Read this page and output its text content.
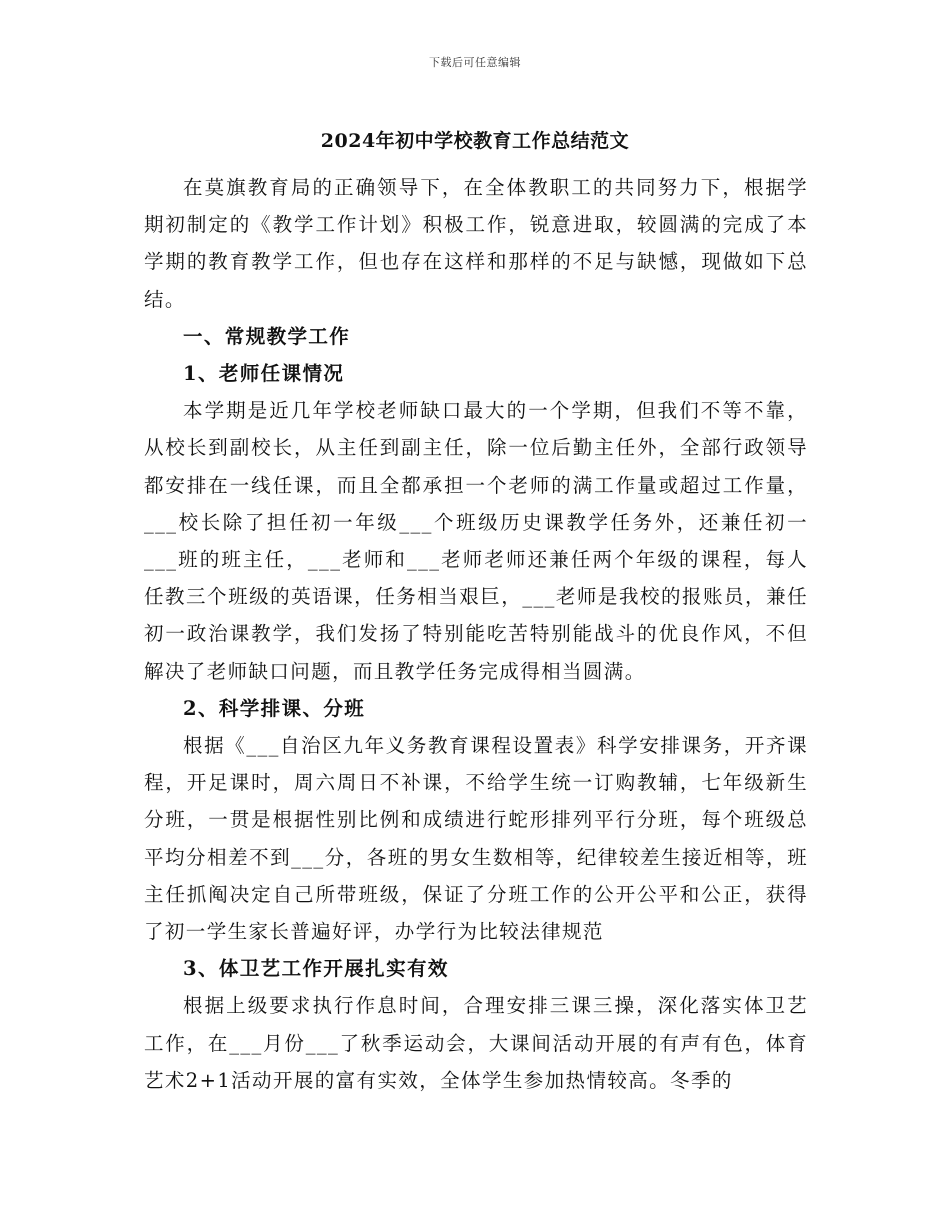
下载后可任意编辑
2024年初中学校教育工作总结范文

在莫旗教育局的正确领导下，在全体教职工的共同努力下，根据学期初制定的《教学工作计划》积极工作，锐意进取，较圆满的完成了本学期的教育教学工作，但也存在这样和那样的不足与缺憾，现做如下总结。

一、常规教学工作
1、老师任课情况

本学期是近几年学校老师缺口最大的一个学期，但我们不等不靠，从校长到副校长，从主任到副主任，除一位后勤主任外，全部行政领导都安排在一线任课，而且全都承担一个老师的满工作量或超过工作量，___校长除了担任初一年级___个班级历史课教学任务外，还兼任初一___班的班主任，___老师和___老师老师还兼任两个年级的课程，每人任教三个班级的英语课，任务相当艰巨，___老师是我校的报账员，兼任初一政治课教学，我们发扬了特别能吃苦特别能战斗的优良作风，不但解决了老师缺口问题，而且教学任务完成得相当圆满。

2、科学排课、分班

根据《___自治区九年义务教育课程设置表》科学安排课务，开齐课程，开足课时，周六周日不补课，不给学生统一订购教辅，七年级新生分班，一贯是根据性别比例和成绩进行蛇形排列平行分班，每个班级总平均分相差不到___分，各班的男女生数相等，纪律较差生接近相等，班主任抓阄决定自己所带班级，保证了分班工作的公开公平和公正，获得了初一学生家长普遍好评，办学行为比较法律规范

3、体卫艺工作开展扎实有效

根据上级要求执行作息时间，合理安排三课三操，深化落实体卫艺工作，在___月份___了秋季运动会，大课间活动开展的有声有色，体育艺术2+1活动开展的富有实效，全体学生参加热情较高。冬季的
